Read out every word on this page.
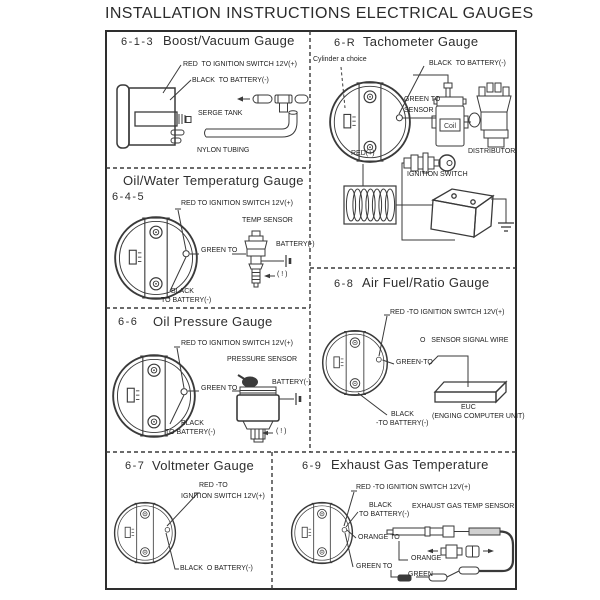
INSTALLATION INSTRUCTIONS ELECTRICAL GAUGES
Coil
6-1-3 Boost/Vacuum Gauge
RED  TO IGNITION SWITCH 12V(+)
BLACK  TO BATTERY(-)
SERGE TANK
NYLON TUBING
6-R Tachometer Gauge
Cylinder a choice
BLACK  TO BATTERY(-)
GREEN TO
SENSOR
RED(+)	DISTRIBUTOR
IGNITION SWITCH
Oil/Water Temperaturg Gauge
6-4-5
RED TO IGNITION SWITCH 12V(+)
TEMP SENSOR
GREEN TO
BATTERY(-)
BLACK
TO BATTERY(-)
( ! )
6-8 Air Fuel/Ratio Gauge
RED -TO IGNITION SWITCH 12V(+)
O   SENSOR SIGNAL WIRE
GREEN-TO
BLACK
-TO BATTERY(-)
EUC
(ENGING COMPUTER UNIT)
6-6 Oil Pressure Gauge
RED TO IGNITION SWITCH 12V(+)
PRESSURE SENSOR
GREEN TO
BATTERY(-)
BLACK
TO BATTERY(-)	( ! )
6-7 Voltmeter Gauge
RED -TO
IGNITION SWITCH 12V(+)
BLACK  O BATTERY(-)
6-9 Exhaust Gas Temperature
RED -TO IGNITION SWITCH 12V(+)
BLACK
TO BATTERY(-)
EXHAUST GAS TEMP SENSOR
ORANGE TO
ORANGE
GREEN TO
GREEN
